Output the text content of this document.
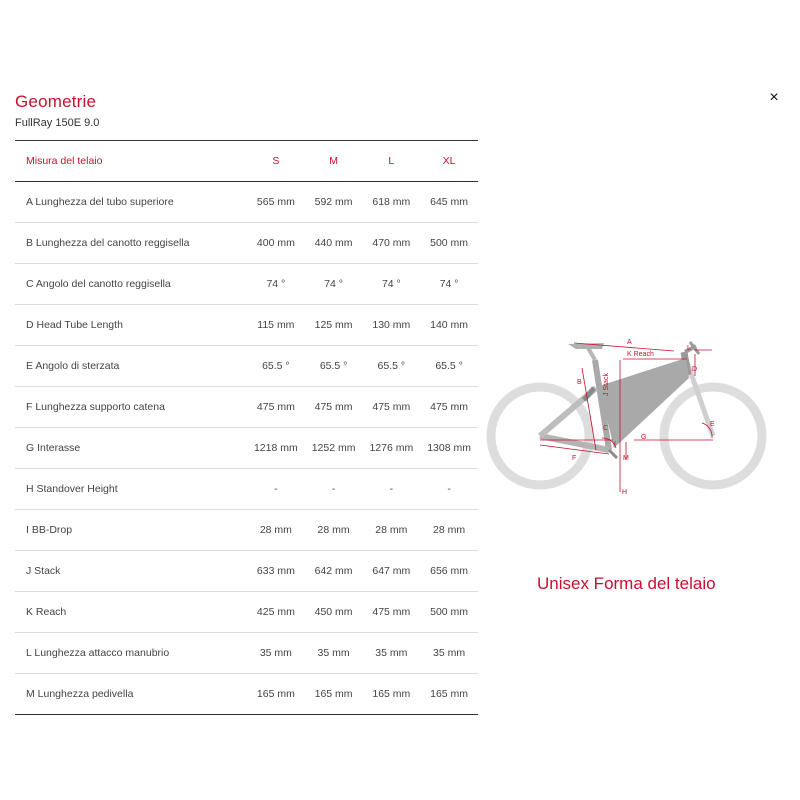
×
Geometrie
FullRay 150E 9.0
Misura del telaio	S	M	L	XL
A Lunghezza del tubo superiore	565 mm	592 mm	618 mm	645 mm
B Lunghezza del canotto reggisella	400 mm	440 mm	470 mm	500 mm
C Angolo del canotto reggisella	74 °	74 °	74 °	74 °
D Head Tube Length	115 mm	125 mm	130 mm	140 mm
E Angolo di sterzata	65.5 °	65.5 °	65.5 °	65.5 °
F Lunghezza supporto catena	475 mm	475 mm	475 mm	475 mm
G Interasse	1218 mm	1252 mm	1276 mm	1308 mm
H Standover Height	-	-	-	-
I BB-Drop	28 mm	28 mm	28 mm	28 mm
J Stack	633 mm	642 mm	647 mm	656 mm
K Reach	425 mm	450 mm	475 mm	500 mm
L Lunghezza attacco manubrio	35 mm	35 mm	35 mm	35 mm
M Lunghezza pedivella	165 mm	165 mm	165 mm	165 mm
A
B
C
D
E
F
G
H
I
J Stack
K Reach
L
M
Unisex Forma del telaio
